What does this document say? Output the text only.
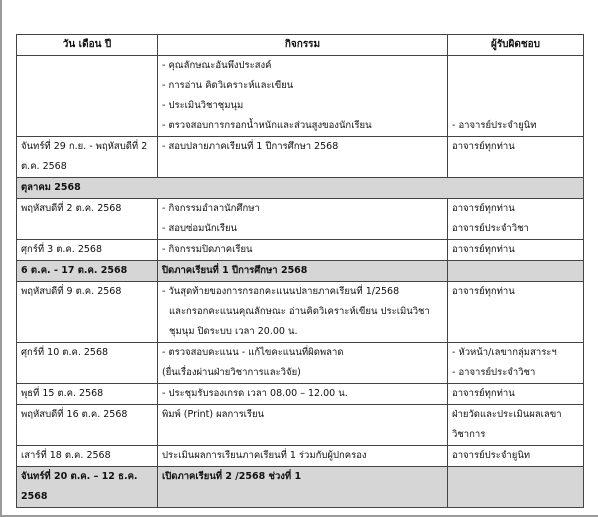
วัน เดือน ปี	กิจกรรม	ผู้รับผิดชอบ

	- คุณลักษณะอันพึงประสงค์
- การอ่าน คิดวิเคราะห์และเขียน
- ประเมินวิชาชุมนุม
- ตรวจสอบการกรอกน้ำหนักและส่วนสูงของนักเรียน	- อาจารย์ประจำยูนิท

จันทร์ที่ 29 ก.ย. - พฤหัสบดีที่ 2
ต.ค. 2568	- สอบปลายภาคเรียนที่ 1 ปีการศึกษา 2568	อาจารย์ทุกท่าน

ตุลาคม 2568		

พฤหัสบดีที่ 2 ต.ค. 2568	- กิจกรรมอำลานักศึกษา
- สอบซ่อมนักเรียน	อาจารย์ทุกท่าน
อาจารย์ประจำวิชา

ศุกร์ที่ 3 ต.ค. 2568	- กิจกรรมปิดภาคเรียน	อาจารย์ทุกท่าน

6 ต.ค. - 17 ต.ค. 2568	ปิดภาคเรียนที่ 1 ปีการศึกษา 2568	

พฤหัสบดีที่ 9 ต.ค. 2568	- วันสุดท้ายของการกรอกคะแนนปลายภาคเรียนที่ 1/2568
และกรอกคะแนนคุณลักษณะ อ่านคิดวิเคราะห์เขียน ประเมินวิชา
ชุมนุม ปิดระบบ เวลา 20.00 น.	อาจารย์ทุกท่าน

ศุกร์ที่ 10 ต.ค. 2568	- ตรวจสอบคะแนน - แก้ไขคะแนนที่ผิดพลาด
(ยื่นเรื่องผ่านฝ่ายวิชาการและวิจัย)	- หัวหน้า/เลขากลุ่มสาระฯ
- อาจารย์ประจำวิชา

พุธที่ 15 ต.ค. 2568	- ประชุมรับรองเกรด เวลา 08.00 – 12.00 น.	อาจารย์ทุกท่าน

พฤหัสบดีที่ 16 ต.ค. 2568	พิมพ์ (Print) ผลการเรียน	ฝ่ายวัดและประเมินผลเลขา
วิชาการ

เสาร์ที่ 18 ต.ค. 2568	ประเมินผลการเรียนภาคเรียนที่ 1 ร่วมกับผู้ปกครอง	อาจารย์ประจำยูนิท

จันทร์ที่ 20 ต.ค. – 12 ธ.ค.
2568	เปิดภาคเรียนที่ 2 /2568 ช่วงที่ 1	
